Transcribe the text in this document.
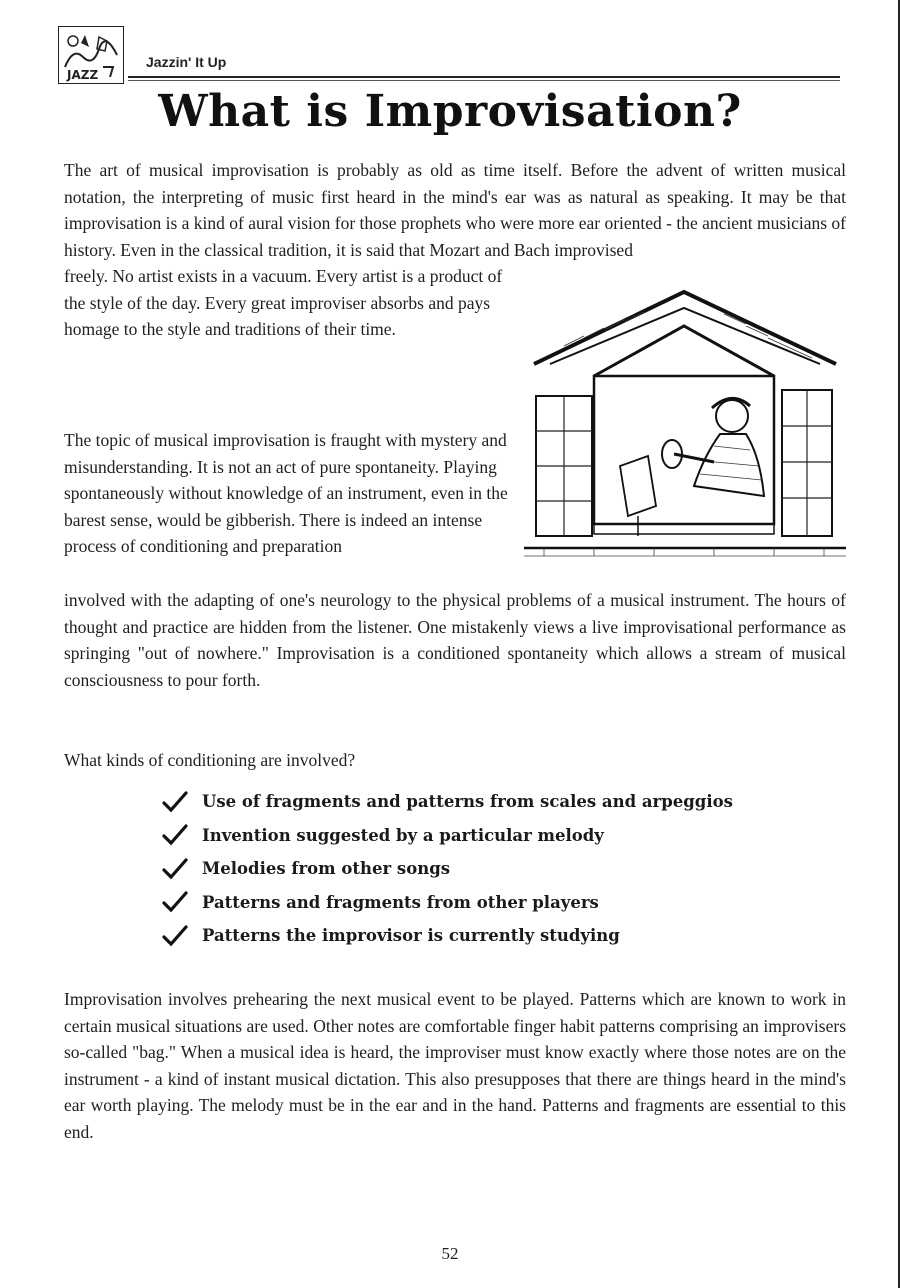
JAZZ
Jazzin' It Up
What is Improvisation?

The art of musical improvisation is probably as old as time itself. Before the advent of written musical notation, the interpreting of music first heard in the mind's ear was as natural as speaking. It may be that improvisation is a kind of aural vision for those prophets who were more ear oriented - the ancient musicians of history. Even in the classical tradition, it is said that Mozart and Bach improvised

freely. No artist exists in a vacuum. Every artist is a product of the style of the day. Every great improviser absorbs and pays homage to the style and traditions of their time.

The topic of musical improvisation is fraught with mystery and misunderstanding. It is not an act of pure spontaneity. Playing spontaneously without knowledge of an instrument, even in the barest sense, would be gibberish. There is indeed an intense process of conditioning and preparation

involved with the adapting of one's neurology to the physical problems of a musical instrument. The hours of thought and practice are hidden from the listener. One mistakenly views a live improvisational performance as springing "out of nowhere." Improvisation is a conditioned spontaneity which allows a stream of musical consciousness to pour forth.

What kinds of conditioning are involved?

Use of fragments and patterns from scales and arpeggios
Invention suggested by a particular melody
Melodies from other songs
Patterns and fragments from other players
Patterns the improvisor is currently studying

Improvisation involves prehearing the next musical event to be played. Patterns which are known to work in certain musical situations are used. Other notes are comfortable finger habit patterns comprising an improvisers so-called "bag." When a musical idea is heard, the improviser must know exactly where those notes are on the instrument - a kind of instant musical dictation. This also presupposes that there are things heard in the mind's ear worth playing. The melody must be in the ear and in the hand. Patterns and fragments are essential to this end.

52
